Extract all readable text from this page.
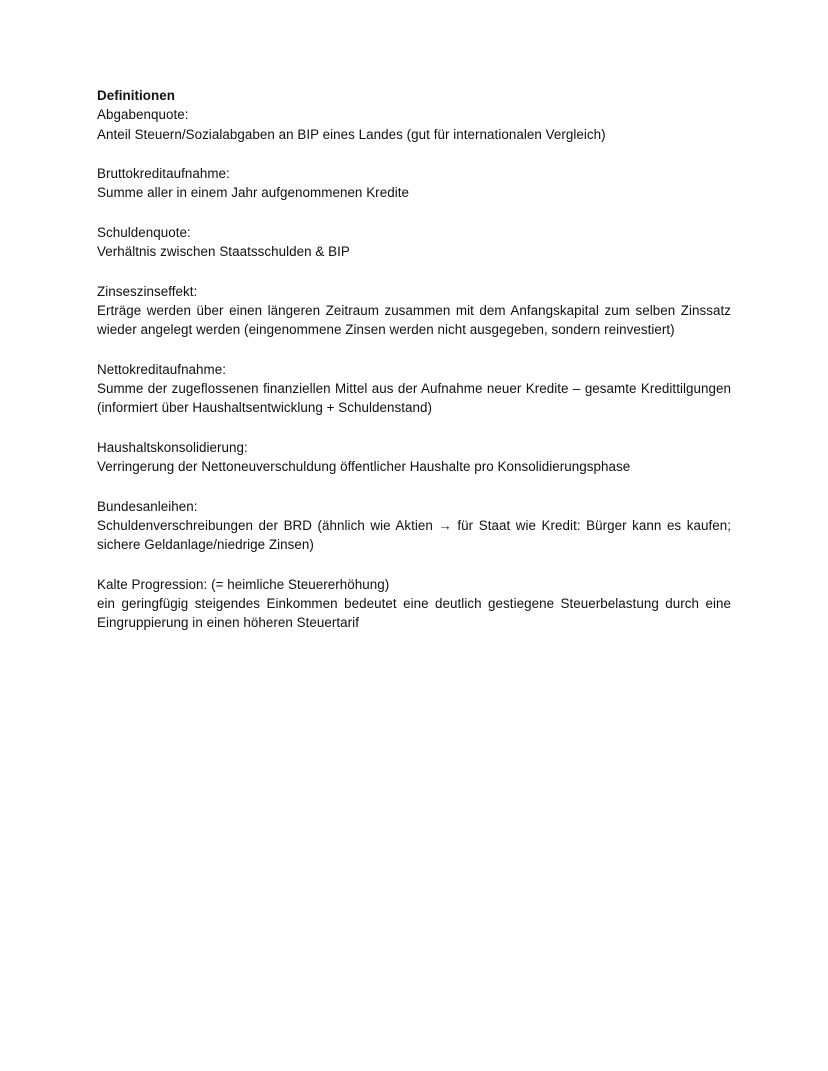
Definitionen

Abgabenquote:
Anteil Steuern/Sozialabgaben an BIP eines Landes (gut für internationalen Vergleich)
Bruttokreditaufnahme:
Summe aller in einem Jahr aufgenommenen Kredite
Schuldenquote:
Verhältnis zwischen Staatsschulden & BIP
Zinseszinseffekt:
Erträge werden über einen längeren Zeitraum zusammen mit dem Anfangskapital zum selben Zinssatz wieder angelegt werden (eingenommene Zinsen werden nicht ausgegeben, sondern reinvestiert)
Nettokreditaufnahme:
Summe der zugeflossenen finanziellen Mittel aus der Aufnahme neuer Kredite – gesamte Kredittilgungen (informiert über Haushaltsentwicklung + Schuldenstand)
Haushaltskonsolidierung:
Verringerung der Nettoneuverschuldung öffentlicher Haushalte pro Konsolidierungsphase
Bundesanleihen:
Schuldenverschreibungen der BRD (ähnlich wie Aktien → für Staat wie Kredit: Bürger kann es kaufen; sichere Geldanlage/niedrige Zinsen)
Kalte Progression: (= heimliche Steuererhöhung)
ein geringfügig steigendes Einkommen bedeutet eine deutlich gestiegene Steuerbelastung durch eine Eingruppierung in einen höheren Steuertarif
